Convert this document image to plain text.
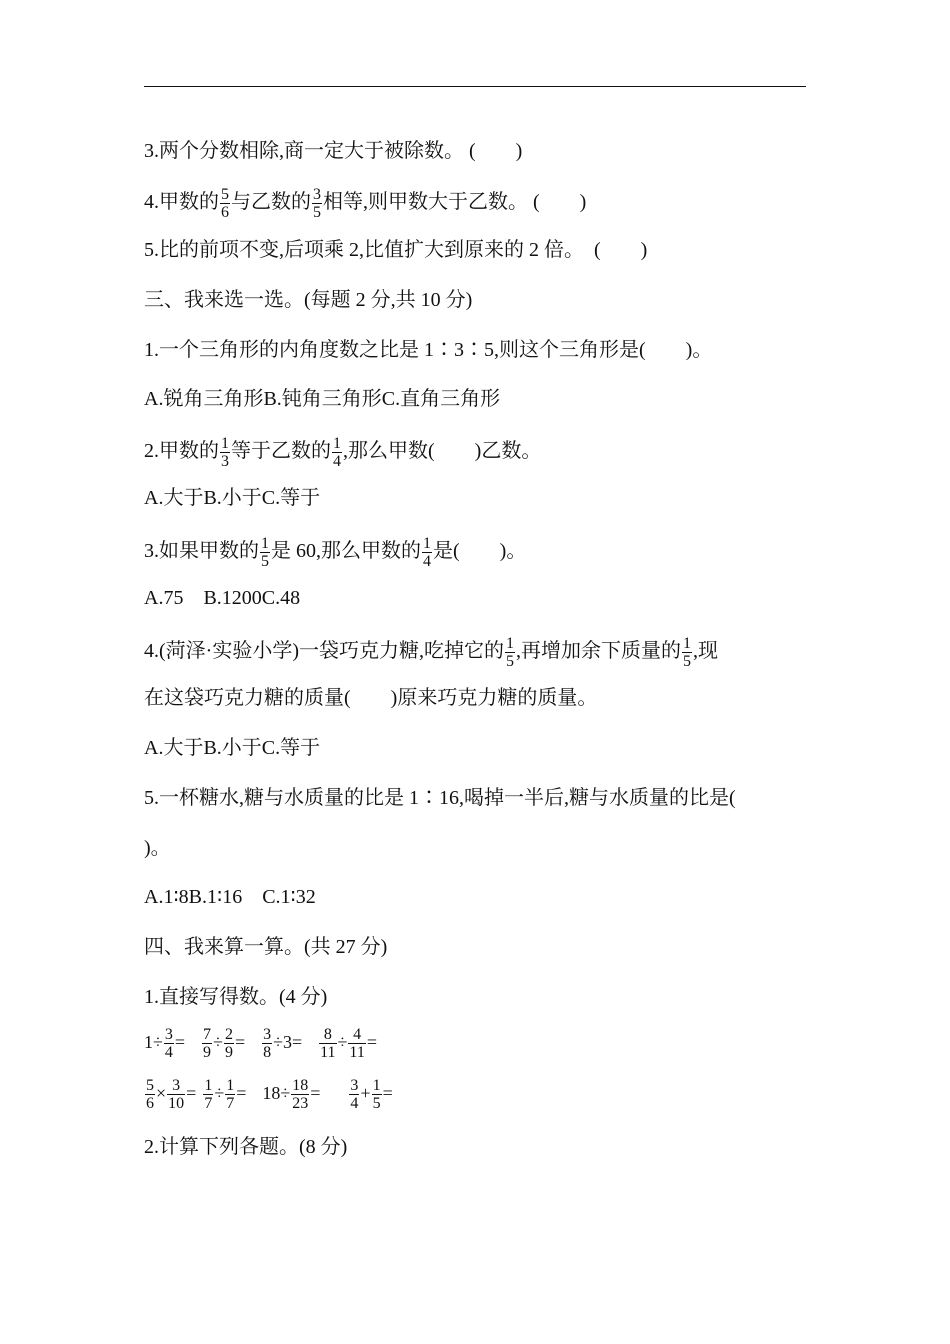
3.两个分数相除,商一定大于被除数。 (　　)
4.甲数的 $\frac{5}{6}$ 与乙数的 $\frac{3}{5}$ 相等,则甲数大于乙数。 (　　)
5.比的前项不变,后项乘 2,比值扩大到原来的 2 倍。　(　　)
三、我来选一选。(每题 2 分,共 10 分)
1.一个三角形的内角度数之比是 1∶3∶5,则这个三角形是(　　)。
A.锐角三角形B.钝角三角形C.直角三角形
2.甲数的 $\frac{1}{3}$ 等于乙数的 $\frac{1}{4}$ ,那么甲数(　　)乙数。
A.大于B.小于C.等于
3.如果甲数的 $\frac{1}{5}$ 是 60,那么甲数的 $\frac{1}{4}$ 是(　　)。
A.75　B.1200C.48
4.(菏泽·实验小学)一袋巧克力糖,吃掉它的 $\frac{1}{5}$ ,再增加余下质量的 $\frac{1}{5}$ ,现
在这袋巧克力糖的质量(　　)原来巧克力糖的质量。
A.大于B.小于C.等于
5.一杯糖水,糖与水质量的比是 1∶16,喝掉一半后,糖与水质量的比是(
)。
A.1∶8B.1∶16　C.1∶32
四、我来算一算。(共 27 分)
1.直接写得数。(4 分)
$1\div \frac{3}{4} = \frac{7}{9} \div \frac{2}{9} = \frac{3}{8} \div 3= \frac{8}{11} \div \frac{4}{11}$ =
$\frac{5}{6} \times \frac{3}{10} = \frac{1}{7} \div \frac{1}{7} = 18\div \frac{18}{23} = \frac{3}{4} + \frac{1}{5}$ =
2.计算下列各题。(8 分)
